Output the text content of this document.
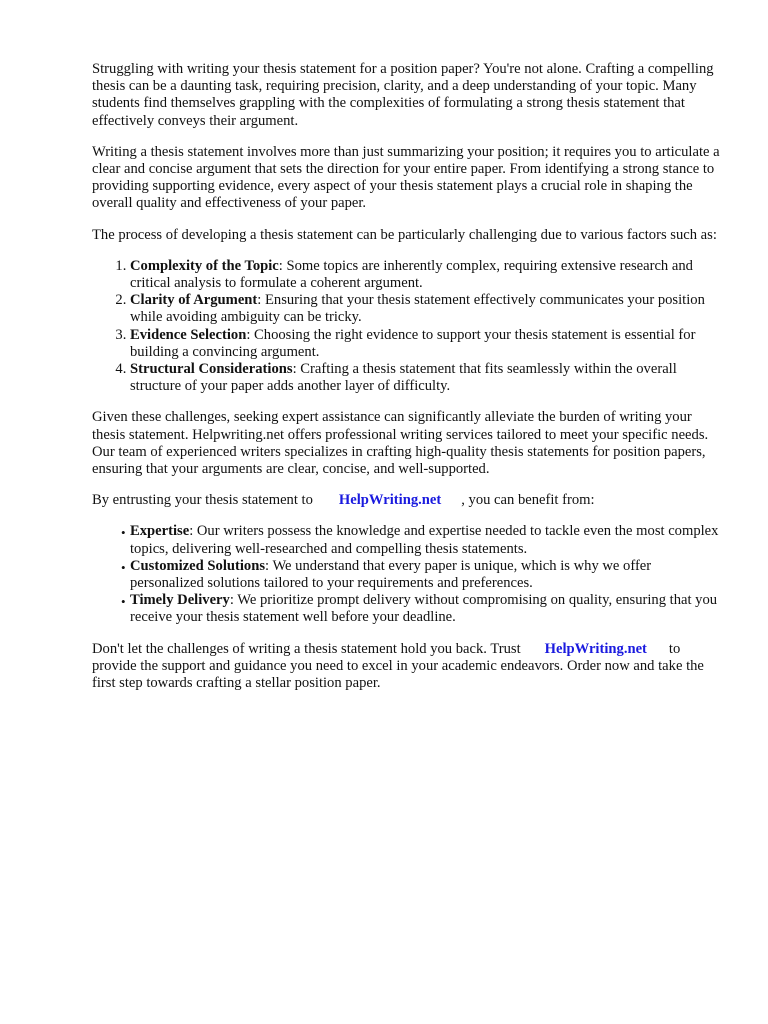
Struggling with writing your thesis statement for a position paper? You're not alone. Crafting a compelling thesis can be a daunting task, requiring precision, clarity, and a deep understanding of your topic. Many students find themselves grappling with the complexities of formulating a strong thesis statement that effectively conveys their argument.

Writing a thesis statement involves more than just summarizing your position; it requires you to articulate a clear and concise argument that sets the direction for your entire paper. From identifying a strong stance to providing supporting evidence, every aspect of your thesis statement plays a crucial role in shaping the overall quality and effectiveness of your paper.

The process of developing a thesis statement can be particularly challenging due to various factors such as:

1. Complexity of the Topic: Some topics are inherently complex, requiring extensive research and critical analysis to formulate a coherent argument.
2. Clarity of Argument: Ensuring that your thesis statement effectively communicates your position while avoiding ambiguity can be tricky.
3. Evidence Selection: Choosing the right evidence to support your thesis statement is essential for building a convincing argument.
4. Structural Considerations: Crafting a thesis statement that fits seamlessly within the overall structure of your paper adds another layer of difficulty.

Given these challenges, seeking expert assistance can significantly alleviate the burden of writing your thesis statement. Helpwriting.net offers professional writing services tailored to meet your specific needs. Our team of experienced writers specializes in crafting high-quality thesis statements for position papers, ensuring that your arguments are clear, concise, and well-supported.

By entrusting your thesis statement to HelpWriting.net , you can benefit from:

• Expertise: Our writers possess the knowledge and expertise needed to tackle even the most complex topics, delivering well-researched and compelling thesis statements.
• Customized Solutions: We understand that every paper is unique, which is why we offer personalized solutions tailored to your requirements and preferences.
• Timely Delivery: We prioritize prompt delivery without compromising on quality, ensuring that you receive your thesis statement well before your deadline.

Don't let the challenges of writing a thesis statement hold you back. Trust HelpWriting.net to provide the support and guidance you need to excel in your academic endeavors. Order now and take the first step towards crafting a stellar position paper.
